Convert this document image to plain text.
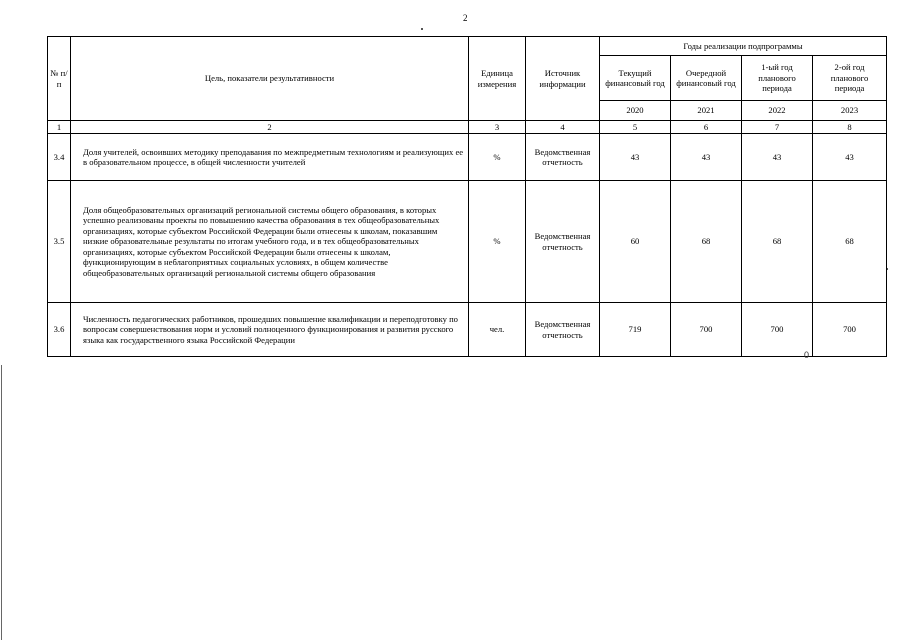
2
№ п/п	Цель, показатели результативности	Единица измерения	Источник информации	Годы реализации подпрограммы			
				Текущий финансовый год	Очередной финансовый год	1-ый год планового периода	2-ой год планового периода
				2020	2021	2022	2023
1	2	3	4	5	6	7	8
3.4	Доля учителей, освоивших методику преподавания по межпредметным технологиям и реализующих ее в образовательном процессе, в общей численности учителей	%	Ведомственная отчетность	43	43	43	43
3.5	Доля общеобразовательных организаций региональной системы общего образования, в которых успешно реализованы проекты по повышению качества образования в тех общеобразовательных организациях, которые субъектом Российской Федерации были отнесены к школам, показавшим низкие образовательные результаты по итогам учебного года, и в тех общеобразовательных организациях, которые субъектом Российской Федерации были отнесены к школам, функционирующим в неблагоприятных социальных условиях, в общем количестве общеобразовательных организаций региональной системы общего образования	%	Ведомственная отчетность	60	68	68	68
3.6	Численность педагогических работников, прошедших повышение квалификации и переподготовку по вопросам совершенствования норм и условий полноценного функционирования и развития русского языка как государственного языка Российской Федерации	чел.	Ведомственная отчетность	719	700	700	700
0
